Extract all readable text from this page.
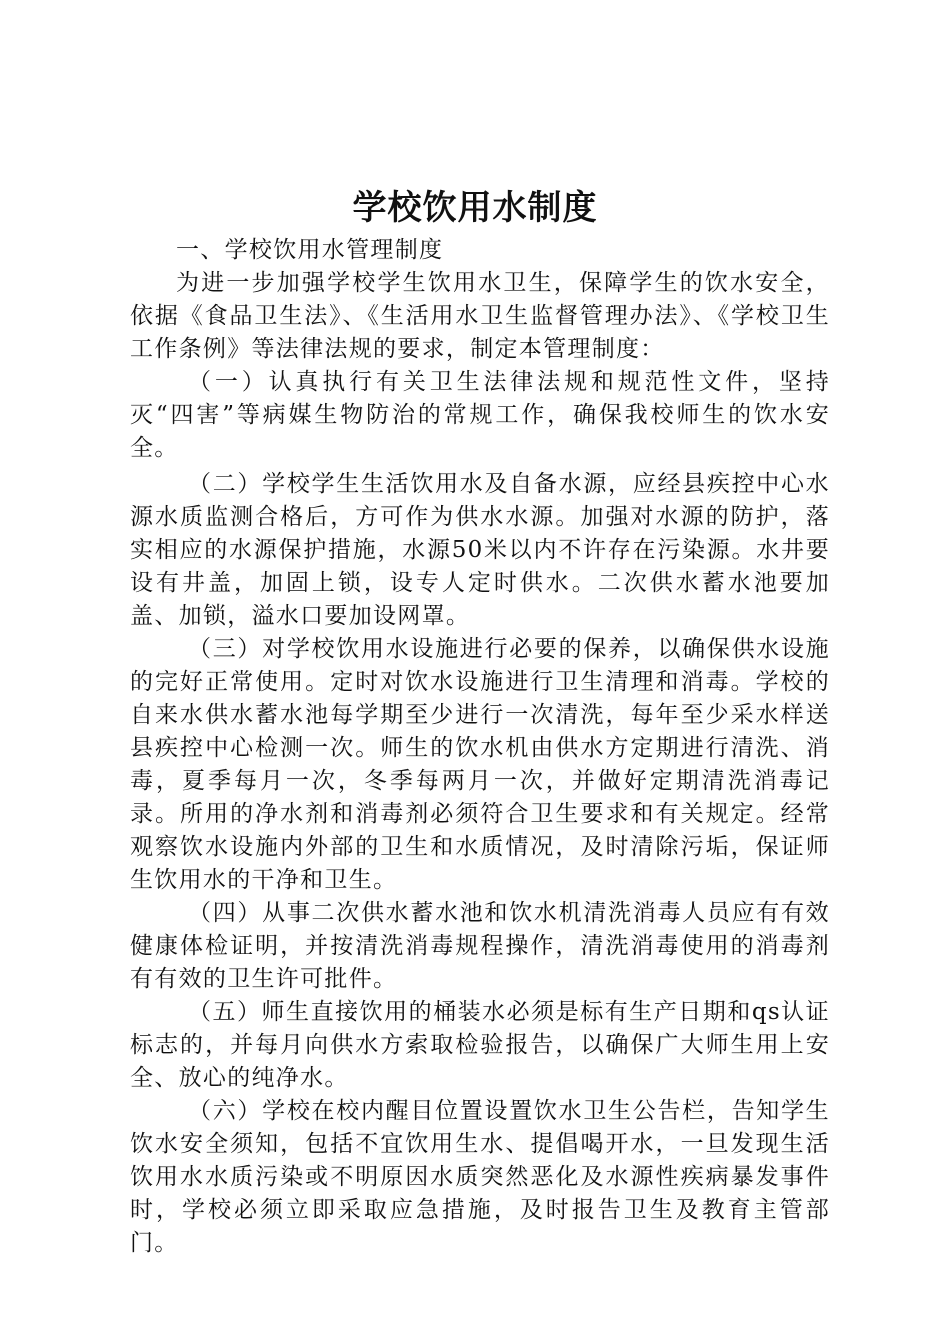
学校饮用水制度
一、学校饮用水管理制度

为进一步加强学校学生饮用水卫生，保障学生的饮水安全，依据《食品卫生法》、《生活用水卫生监督管理办法》、《学校卫生工作条例》等法律法规的要求，制定本管理制度：

（一）认真执行有关卫生法律法规和规范性文件，坚持灭“四害”等病媒生物防治的常规工作，确保我校师生的饮水安全。

（二）学校学生生活饮用水及自备水源，应经县疾控中心水源水质监测合格后，方可作为供水水源。加强对水源的防护，落实相应的水源保护措施，水源50米以内不许存在污染源。水井要设有井盖，加固上锁，设专人定时供水。二次供水蓄水池要加盖、加锁，溢水口要加设网罩。

（三）对学校饮用水设施进行必要的保养，以确保供水设施的完好正常使用。定时对饮水设施进行卫生清理和消毒。学校的自来水供水蓄水池每学期至少进行一次清洗，每年至少采水样送县疾控中心检测一次。师生的饮水机由供水方定期进行清洗、消毒，夏季每月一次，冬季每两月一次，并做好定期清洗消毒记录。所用的净水剂和消毒剂必须符合卫生要求和有关规定。经常观察饮水设施内外部的卫生和水质情况，及时清除污垢，保证师生饮用水的干净和卫生。

（四）从事二次供水蓄水池和饮水机清洗消毒人员应有有效健康体检证明，并按清洗消毒规程操作，清洗消毒使用的消毒剂有有效的卫生许可批件。

（五）师生直接饮用的桶装水必须是标有生产日期和qs认证标志的，并每月向供水方索取检验报告，以确保广大师生用上安全、放心的纯净水。

（六）学校在校内醒目位置设置饮水卫生公告栏，告知学生饮水安全须知，包括不宜饮用生水、提倡喝开水，一旦发现生活饮用水水质污染或不明原因水质突然恶化及水源性疾病暴发事件时，学校必须立即采取应急措施，及时报告卫生及教育主管部门。
